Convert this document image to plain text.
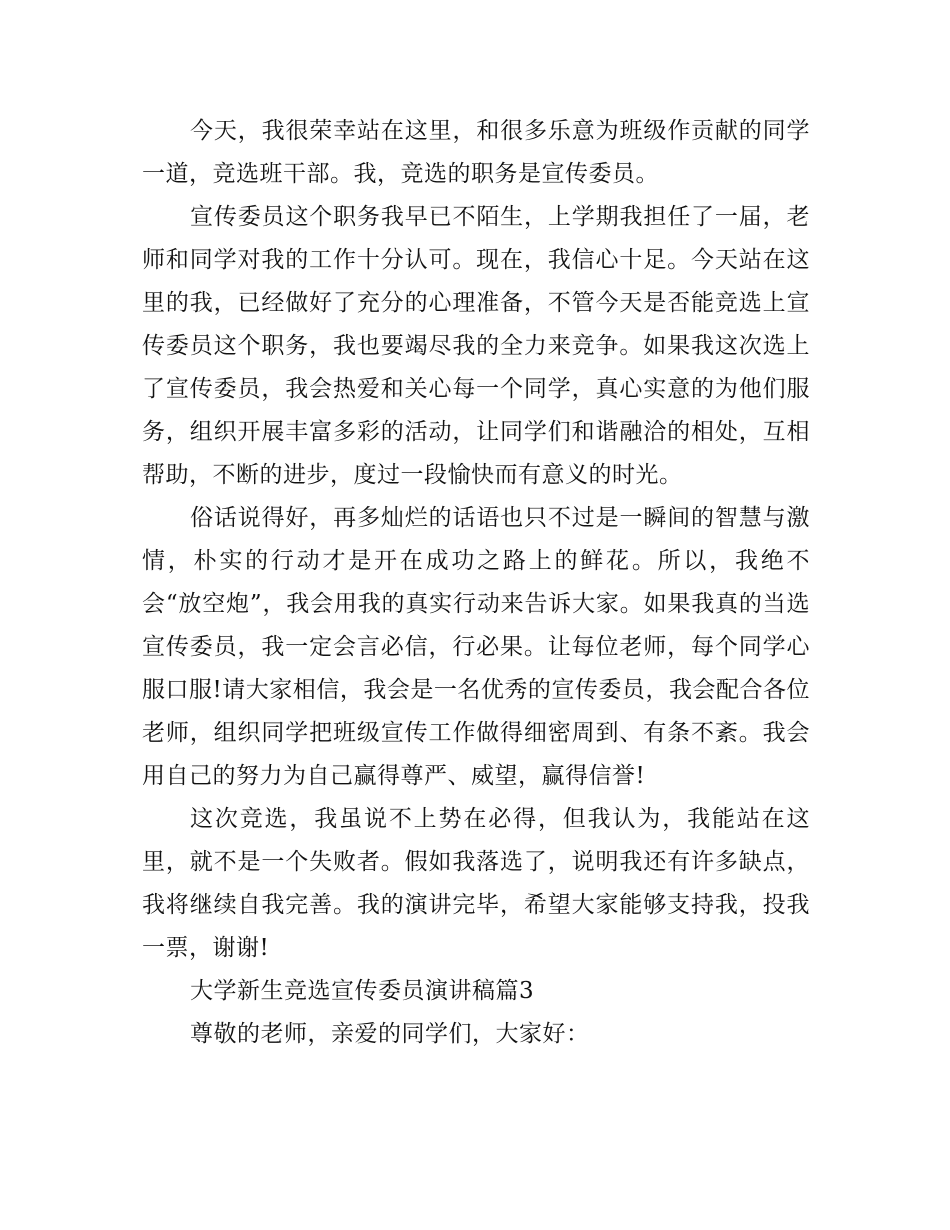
今天，我很荣幸站在这里，和很多乐意为班级作贡献的同学一道，竞选班干部。我，竞选的职务是宣传委员。

宣传委员这个职务我早已不陌生，上学期我担任了一届，老师和同学对我的工作十分认可。现在，我信心十足。今天站在这里的我，已经做好了充分的心理准备，不管今天是否能竞选上宣传委员这个职务，我也要竭尽我的全力来竞争。如果我这次选上了宣传委员，我会热爱和关心每一个同学，真心实意的为他们服务，组织开展丰富多彩的活动，让同学们和谐融洽的相处，互相帮助，不断的进步，度过一段愉快而有意义的时光。

俗话说得好，再多灿烂的话语也只不过是一瞬间的智慧与激情，朴实的行动才是开在成功之路上的鲜花。所以，我绝不会“放空炮”，我会用我的真实行动来告诉大家。如果我真的当选宣传委员，我一定会言必信，行必果。让每位老师，每个同学心服口服!请大家相信，我会是一名优秀的宣传委员，我会配合各位老师，组织同学把班级宣传工作做得细密周到、有条不紊。我会用自己的努力为自己赢得尊严、威望，赢得信誉!

这次竞选，我虽说不上势在必得，但我认为，我能站在这里，就不是一个失败者。假如我落选了，说明我还有许多缺点，我将继续自我完善。我的演讲完毕，希望大家能够支持我，投我一票，谢谢!

大学新生竞选宣传委员演讲稿篇3

尊敬的老师，亲爱的同学们，大家好：
